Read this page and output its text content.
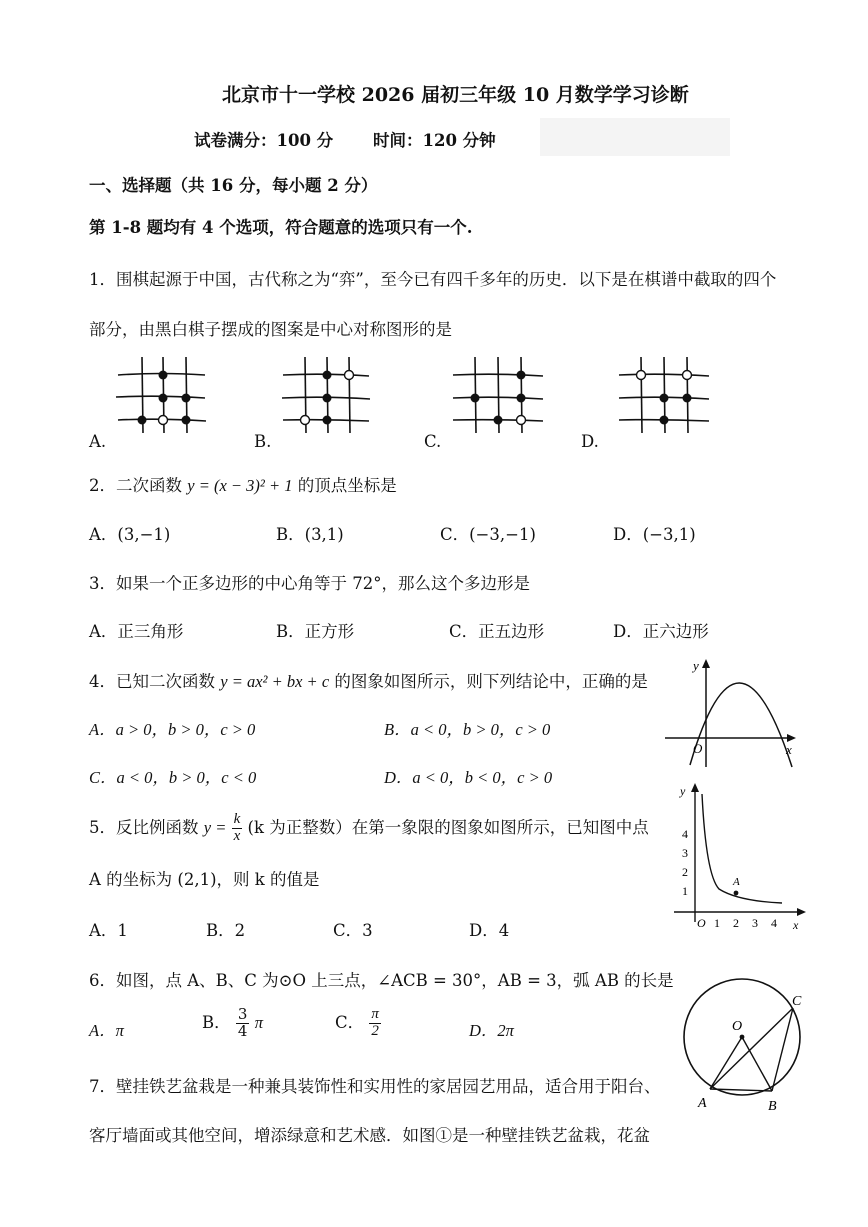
北京市十一学校 2026 届初三年级 10 月数学学习诊断
试卷满分：100 分 时间：120 分钟
一、选择题（共 16 分，每小题 2 分）
第 1-8 题均有 4 个选项，符合题意的选项只有一个.
1．围棋起源于中国，古代称之为“弈”，至今已有四千多年的历史．以下是在棋谱中截取的四个
部分，由黑白棋子摆成的图案是中心对称图形的是
A.	B.	C.	D.
2．二次函数 y = (x − 3)² + 1 的顶点坐标是
A．(3,−1)	B．(3,1)	C．(−3,−1)	D．(−3,1)
3．如果一个正多边形的中心角等于 72°，那么这个多边形是
A．正三角形	B．正方形	C．正五边形	D．正六边形
4．已知二次函数 y = ax² + bx + c 的图象如图所示，则下列结论中，正确的是
A．a > 0，b > 0，c > 0	B．a < 0，b > 0，c > 0
C．a < 0，b > 0，c < 0	D．a < 0，b < 0，c > 0
y
O	x
5．反比例函数 $y = \frac{k}{x} (k$ 为正整数）在第一象限的图象如图所示，已知图中点
A 的坐标为 (2,1)，则 k 的值是
A．1	B．2	C．3	D．4
y
x
O
4
3
2
1
1 2 3 4
A
6．如图，点 A、B、C 为⊙O 上三点，∠ACB = 30°，AB = 3，弧 AB 的长是
A．π	B． $\frac{3}{4}$ π	C． $\frac{\pi}{2}$	D．2π	O
A	B
C
7．壁挂铁艺盆栽是一种兼具装饰性和实用性的家居园艺用品，适合用于阳台、
客厅墙面或其他空间，增添绿意和艺术感．如图①是一种壁挂铁艺盆栽，花盆
